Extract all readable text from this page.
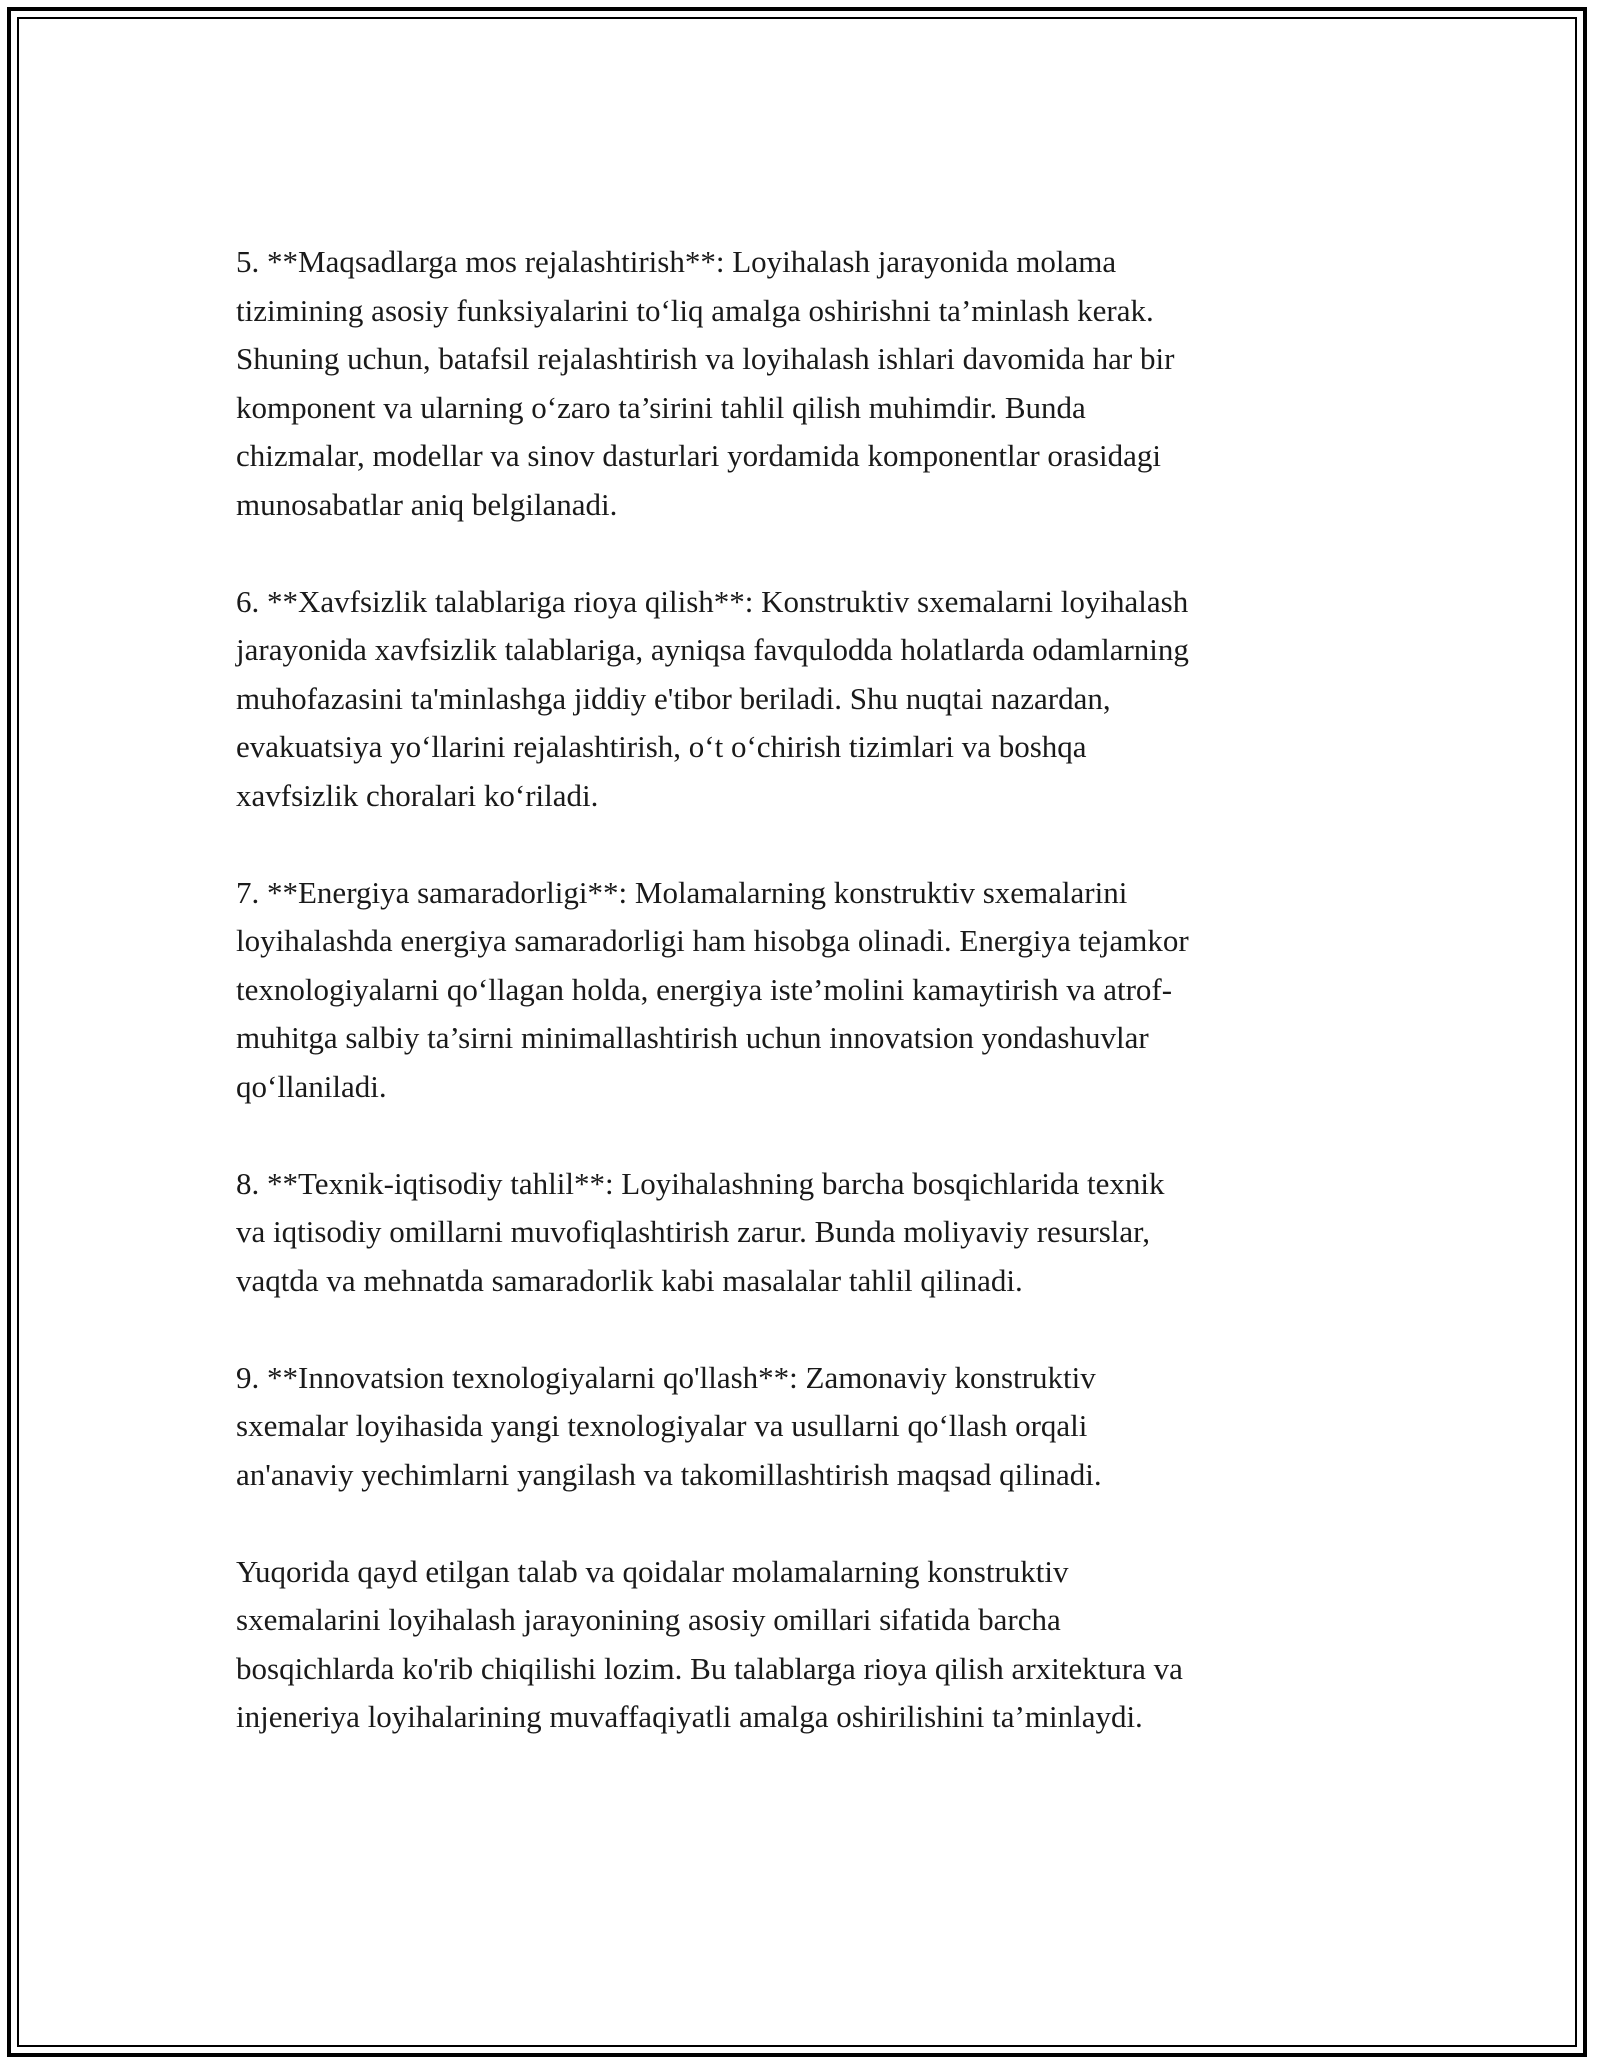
5. **Maqsadlarga mos rejalashtirish**: Loyihalash jarayonida molama
tizimining asosiy funksiyalarini to‘liq amalga oshirishni ta’minlash kerak.
Shuning uchun, batafsil rejalashtirish va loyihalash ishlari davomida har bir
komponent va ularning o‘zaro ta’sirini tahlil qilish muhimdir. Bunda
chizmalar, modellar va sinov dasturlari yordamida komponentlar orasidagi
munosabatlar aniq belgilanadi.

6. **Xavfsizlik talablariga rioya qilish**: Konstruktiv sxemalarni loyihalash
jarayonida xavfsizlik talablariga, ayniqsa favqulodda holatlarda odamlarning
muhofazasini ta'minlashga jiddiy e'tibor beriladi. Shu nuqtai nazardan,
evakuatsiya yo‘llarini rejalashtirish, o‘t o‘chirish tizimlari va boshqa
xavfsizlik choralari ko‘riladi.

7. **Energiya samaradorligi**: Molamalarning konstruktiv sxemalarini
loyihalashda energiya samaradorligi ham hisobga olinadi. Energiya tejamkor
texnologiyalarni qo‘llagan holda, energiya iste’molini kamaytirish va atrof-
muhitga salbiy ta’sirni minimallashtirish uchun innovatsion yondashuvlar
qo‘llaniladi.

8. **Texnik-iqtisodiy tahlil**: Loyihalashning barcha bosqichlarida texnik
va iqtisodiy omillarni muvofiqlashtirish zarur. Bunda moliyaviy resurslar,
vaqtda va mehnatda samaradorlik kabi masalalar tahlil qilinadi.

9. **Innovatsion texnologiyalarni qo'llash**: Zamonaviy konstruktiv
sxemalar loyihasida yangi texnologiyalar va usullarni qo‘llash orqali
an'anaviy yechimlarni yangilash va takomillashtirish maqsad qilinadi.

Yuqorida qayd etilgan talab va qoidalar molamalarning konstruktiv
sxemalarini loyihalash jarayonining asosiy omillari sifatida barcha
bosqichlarda ko'rib chiqilishi lozim. Bu talablarga rioya qilish arxitektura va
injeneriya loyihalarining muvaffaqiyatli amalga oshirilishini ta’minlaydi.
